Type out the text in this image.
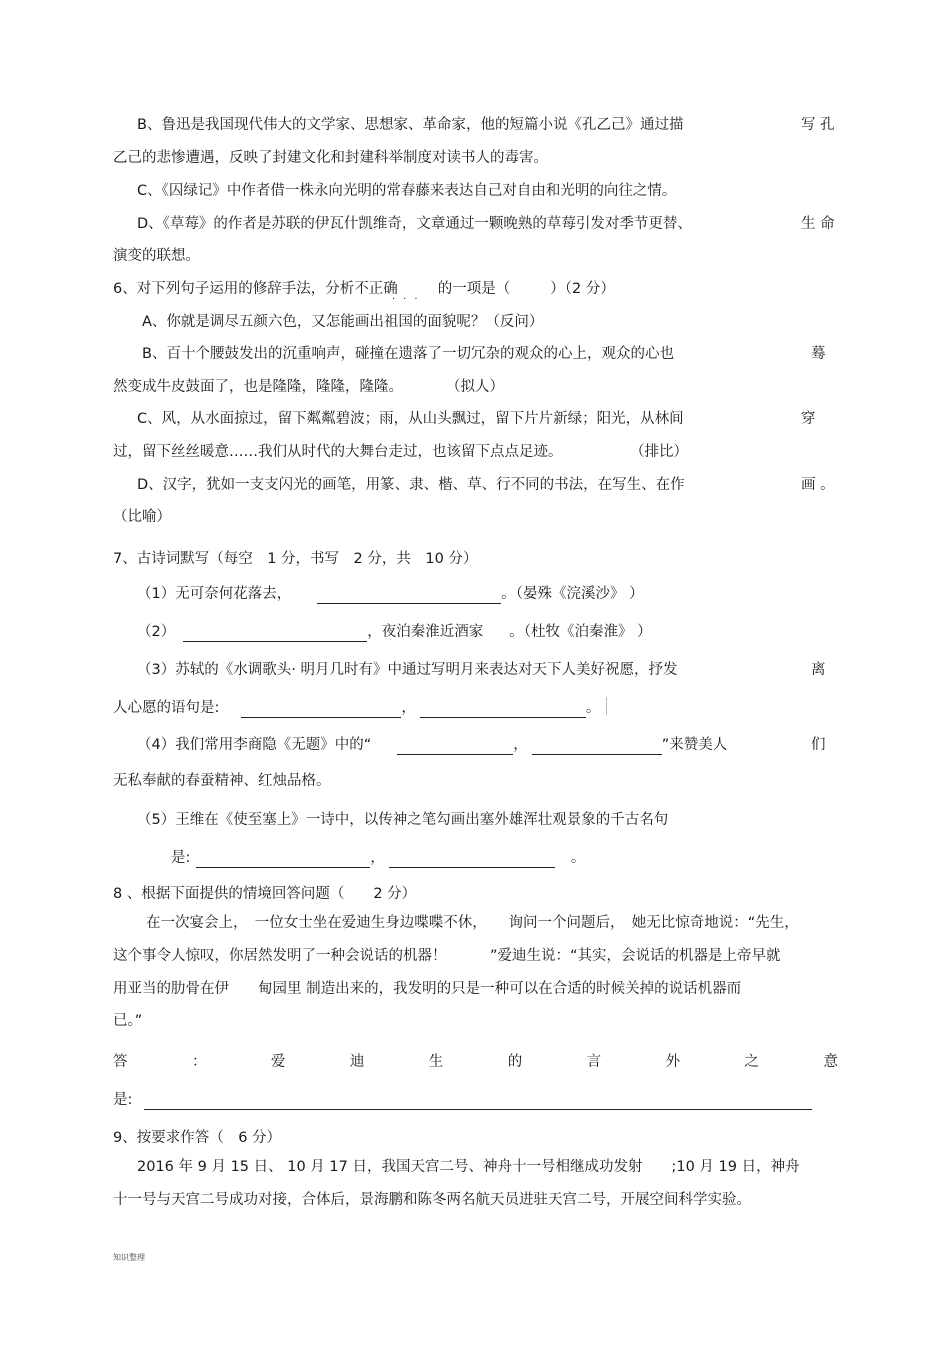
B、鲁迅是我国现代伟大的文学家、思想家、革命家，他的短篇小说《孔乙己》通过描	写 孔
乙己的悲惨遭遇，反映了封建文化和封建科举制度对读书人的毒害。
C、《囚绿记》中作者借一株永向光明的常春藤来表达自己对自由和光明的向往之情。
D、《草莓》的作者是苏联的伊瓦什凯维奇，文章通过一颗晚熟的草莓引发对季节更替、	生 命
演变的联想。
6、对下列句子运用的修辞手法，分析不正确	的一项是（	）（2 分）
...
A、你就是调尽五颜六色，又怎能画出祖国的面貌呢？（反问）
B、百十个腰鼓发出的沉重响声，碰撞在遗落了一切冗杂的观众的心上，观众的心也	蓦
然变成牛皮鼓面了，也是隆隆，隆隆，隆隆。	（拟人）
C、风，从水面掠过，留下粼粼碧波；雨，从山头飘过，留下片片新绿；阳光，从林间	穿
过，留下丝丝暖意……我们从时代的大舞台走过，也该留下点点足迹。	（排比）
D、汉字，犹如一支支闪光的画笔，用篆、隶、楷、草、行不同的书法，在写生、在作	画 。
（比喻）
7、古诗词默写（每空　1 分，书写　2 分，共　10 分）
（1）无可奈何花落去，	。（晏殊《浣溪沙》 ）
（2）	，夜泊秦淮近酒家 。（杜牧《泊秦淮》 ）
（3）苏轼的《水调歌头· 明月几时有》中通过写明月来表达对天下人美好祝愿，抒发	离
人心愿的语句是:	，	。
（4）我们常用李商隐《无题》中的“	，	”来赞美人	们
无私奉献的春蚕精神、红烛品格。
（5）王维在《使至塞上》一诗中，以传神之笔勾画出塞外雄浑壮观景象的千古名句
是:	，	。
8 、根据下面提供的情境回答问题（　　2 分）
在一次宴会上，　一位女士坐在爱迪生身边喋喋不休，　　询问一个问题后，　她无比惊奇地说：“先生，
这个事令人惊叹，你居然发明了一种会说话的机器！　　　”爱迪生说：“其实，会说话的机器是上帝早就
用亚当的肋骨在伊　　甸园里 制造出来的，我发明的只是一种可以在合适的时候关掉的说话机器而
已。”
答	：	爱	迪	生	的	言	外	之	意
是:
9、按要求作答（　6 分）
2016 年 9 月 15 日、 10 月 17 日，我国天宫二号、神舟十一号相继成功发射　　;10 月 19 日，神舟
十一号与天宫二号成功对接，合体后，景海鹏和陈冬两名航天员进驻天宫二号，开展空间科学实验。
知识整理
